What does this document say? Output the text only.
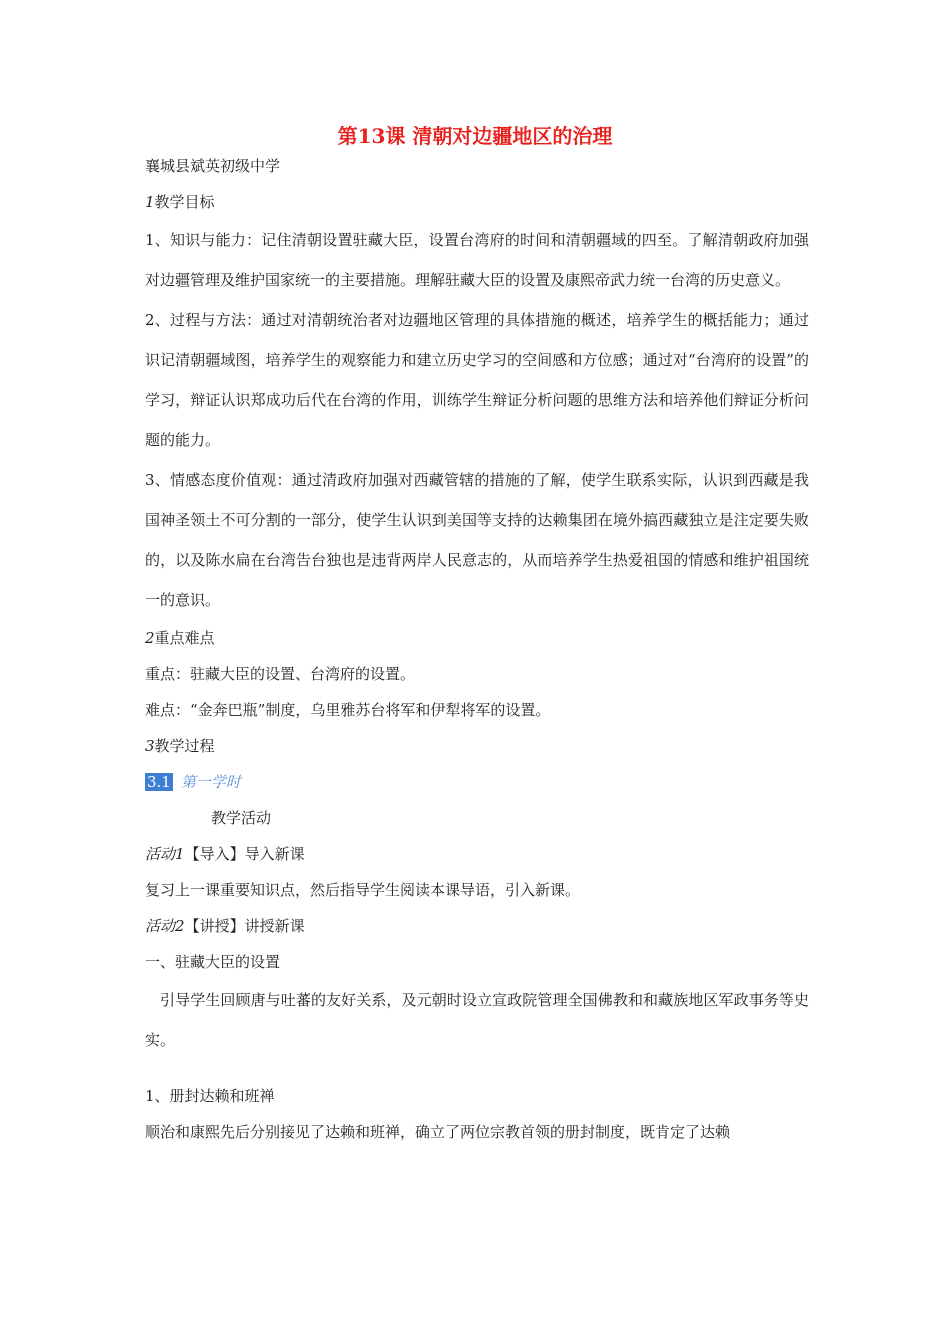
第13课 清朝对边疆地区的治理
襄城县斌英初级中学
1教学目标

1、知识与能力：记住清朝设置驻藏大臣，设置台湾府的时间和清朝疆域的四至。了解清朝政府加强对边疆管理及维护国家统一的主要措施。理解驻藏大臣的设置及康熙帝武力统一台湾的历史意义。

2、过程与方法：通过对清朝统治者对边疆地区管理的具体措施的概述，培养学生的概括能力；通过识记清朝疆域图，培养学生的观察能力和建立历史学习的空间感和方位感；通过对“台湾府的设置”的学习，辩证认识郑成功后代在台湾的作用，训练学生辩证分析问题的思维方法和培养他们辩证分析问题的能力。

3、情感态度价值观：通过清政府加强对西藏管辖的措施的了解，使学生联系实际，认识到西藏是我国神圣领土不可分割的一部分，使学生认识到美国等支持的达赖集团在境外搞西藏独立是注定要失败的，以及陈水扁在台湾告台独也是违背两岸人民意志的，从而培养学生热爱祖国的情感和维护祖国统一的意识。

2重点难点
重点：驻藏大臣的设置、台湾府的设置。
难点：“金奔巴瓶”制度，乌里雅苏台将军和伊犁将军的设置。
3教学过程
3.1 第一学时
教学活动
活动1【导入】导入新课
复习上一课重要知识点，然后指导学生阅读本课导语，引入新课。
活动2【讲授】讲授新课
一、驻藏大臣的设置

引导学生回顾唐与吐蕃的友好关系，及元朝时设立宣政院管理全国佛教和和藏族地区军政事务等史实。

1、册封达赖和班禅
顺治和康熙先后分别接见了达赖和班禅，确立了两位宗教首领的册封制度，既肯定了达赖
